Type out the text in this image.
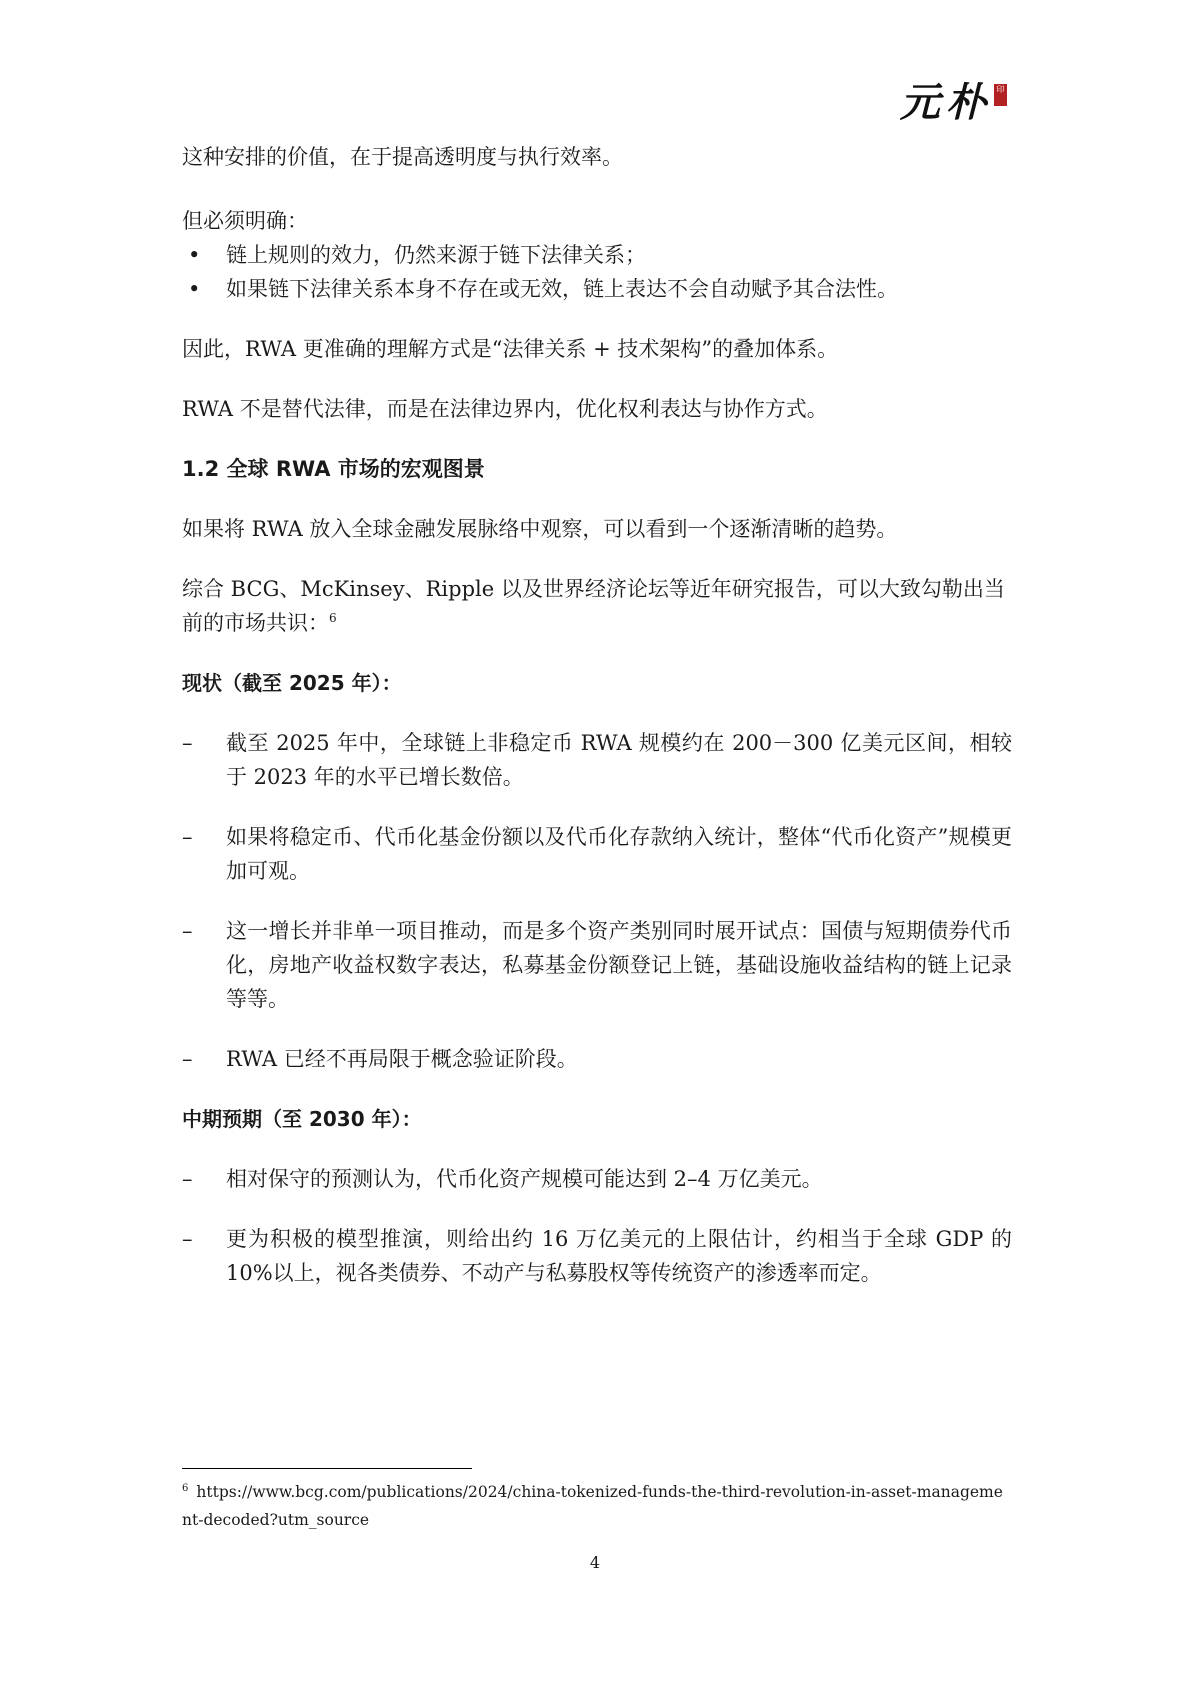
元朴 印

这种安排的价值，在于提高透明度与执行效率。

但必须明确：

•	链上规则的效力，仍然来源于链下法律关系；
•	如果链下法律关系本身不存在或无效，链上表达不会自动赋予其合法性。

因此，RWA 更准确的理解方式是“法律关系 + 技术架构”的叠加体系。

RWA 不是替代法律，而是在法律边界内，优化权利表达与协作方式。

1.2 全球 RWA 市场的宏观图景

如果将 RWA 放入全球金融发展脉络中观察，可以看到一个逐渐清晰的趋势。

综合 BCG、McKinsey、Ripple 以及世界经济论坛等近年研究报告，可以大致勾勒出当前的市场共识：$^6$

现状（截至 2025 年）：
–	截至 2025 年中，全球链上非稳定币 RWA 规模约在 200－300 亿美元区间，相较于 2023 年的水平已增长数倍。
–	如果将稳定币、代币化基金份额以及代币化存款纳入统计，整体“代币化资产”规模更加可观。
–	这一增长并非单一项目推动，而是多个资产类别同时展开试点：国债与短期债券代币化，房地产收益权数字表达，私募基金份额登记上链，基础设施收益结构的链上记录等等。
–	RWA 已经不再局限于概念验证阶段。
中期预期（至 2030 年）：
–	相对保守的预测认为，代币化资产规模可能达到 2–4 万亿美元。
–	更为积极的模型推演，则给出约 16 万亿美元的上限估计，约相当于全球 GDP 的 10%以上，视各类债券、不动产与私募股权等传统资产的渗透率而定。
$^6$ https://www.bcg.com/publications/2024/china-tokenized-funds-the-third-revolution-in-asset-management-decoded?utm_source
4
